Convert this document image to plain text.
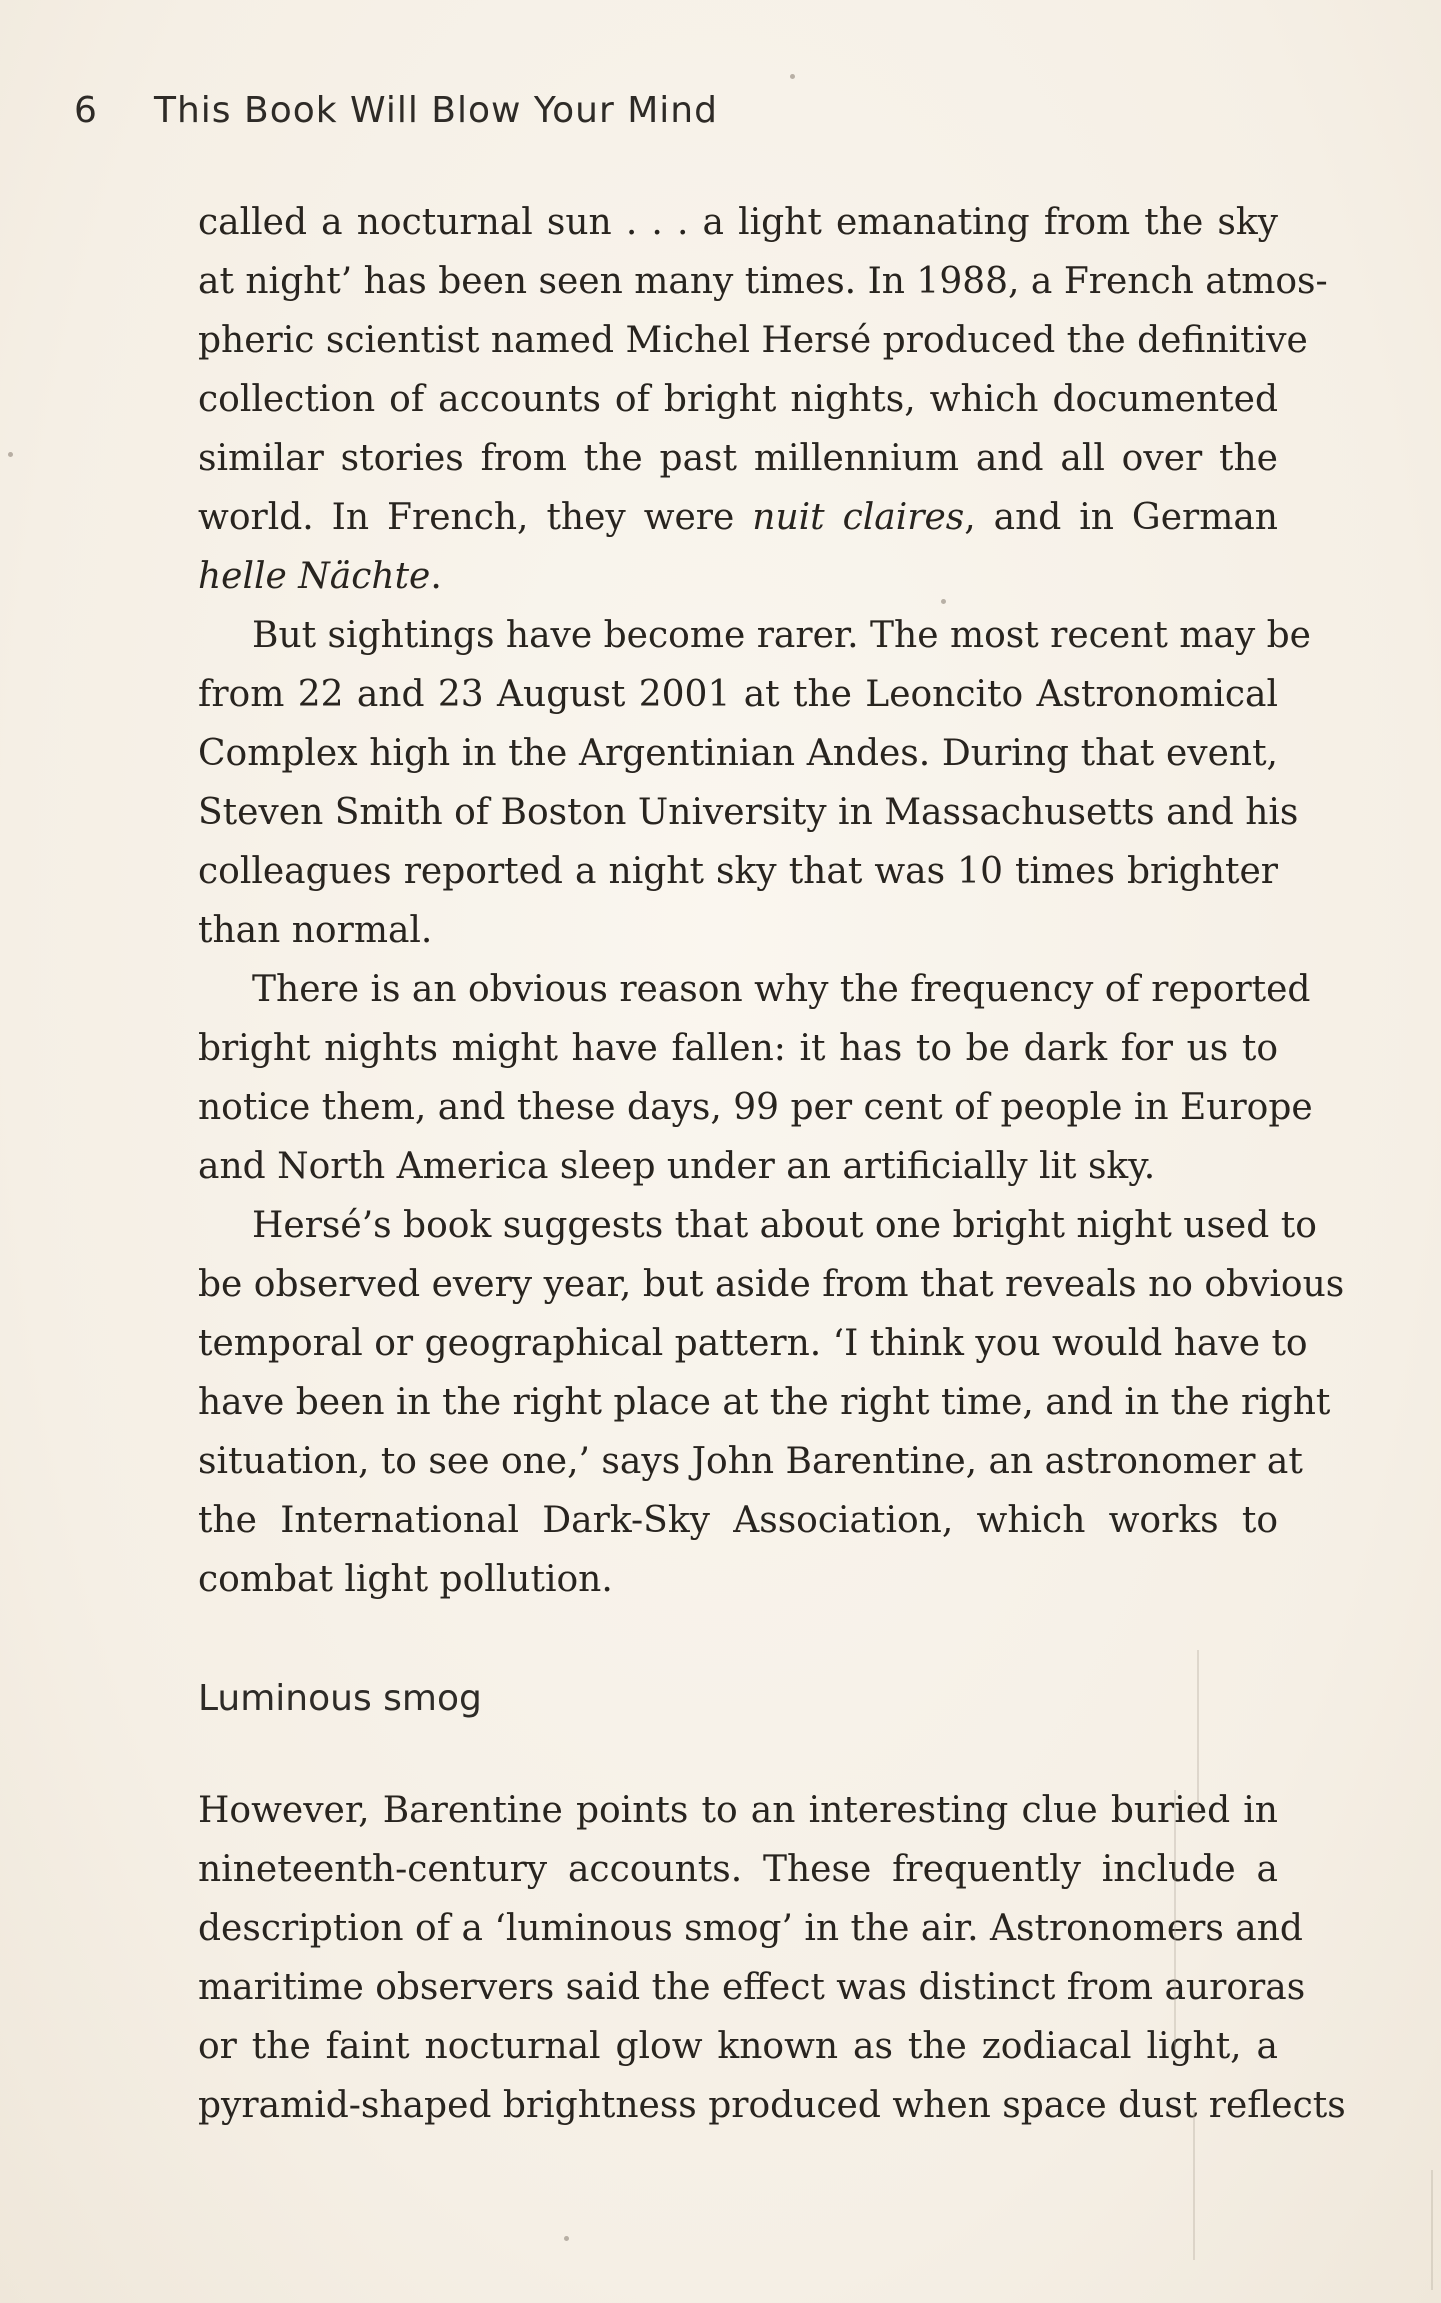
6 This Book Will Blow Your Mind
called a nocturnal sun . . . a light emanating from the sky
at night’ has been seen many times. In 1988, a French atmos-
pheric scientist named Michel Hersé produced the definitive
collection of accounts of bright nights, which documented
similar stories from the past millennium and all over the
world. In French, they were nuit claires, and in German
helle Nächte.
But sightings have become rarer. The most recent may be
from 22 and 23 August 2001 at the Leoncito Astronomical
Complex high in the Argentinian Andes. During that event,
Steven Smith of Boston University in Massachusetts and his
colleagues reported a night sky that was 10 times brighter
than normal.
There is an obvious reason why the frequency of reported
bright nights might have fallen: it has to be dark for us to
notice them, and these days, 99 per cent of people in Europe
and North America sleep under an artificially lit sky.
Hersé’s book suggests that about one bright night used to
be observed every year, but aside from that reveals no obvious
temporal or geographical pattern. ‘I think you would have to
have been in the right place at the right time, and in the right
situation, to see one,’ says John Barentine, an astronomer at
the International Dark-Sky Association, which works to
combat light pollution.
Luminous smog
However, Barentine points to an interesting clue buried in
nineteenth-century accounts. These frequently include a
description of a ‘luminous smog’ in the air. Astronomers and
maritime observers said the effect was distinct from auroras
or the faint nocturnal glow known as the zodiacal light, a
pyramid-shaped brightness produced when space dust reflects
